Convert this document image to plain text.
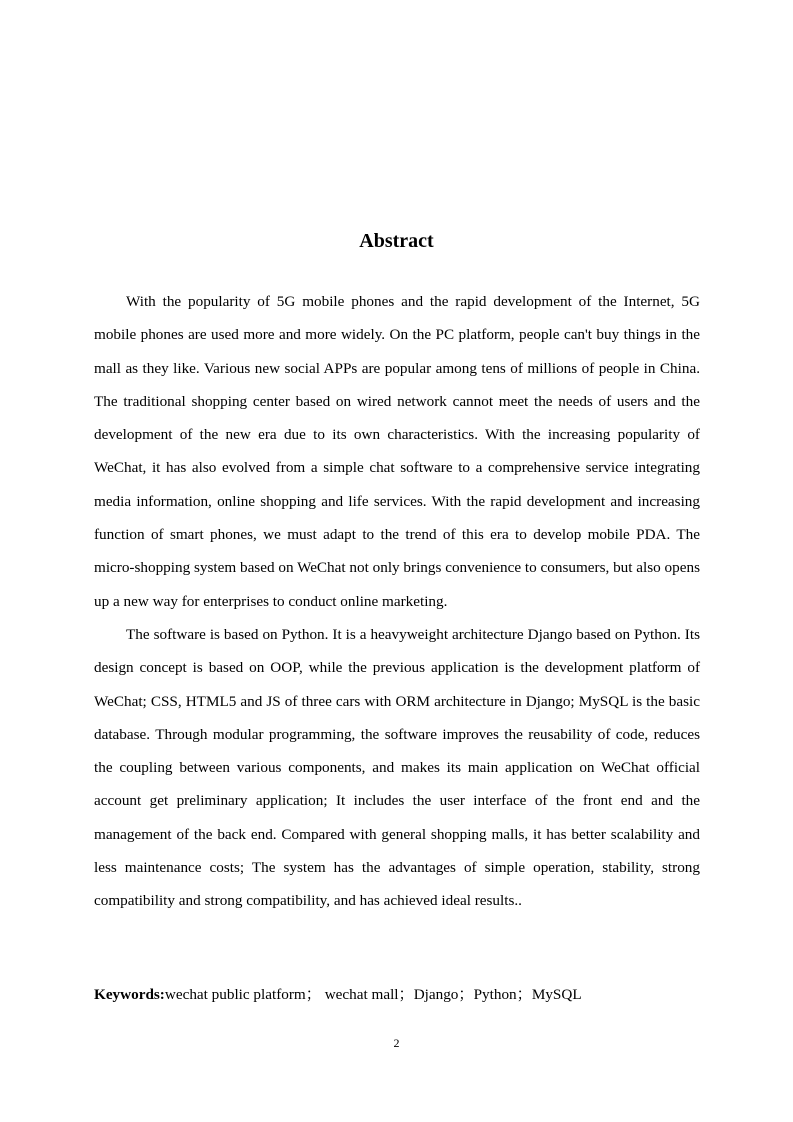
Abstract

With the popularity of 5G mobile phones and the rapid development of the Internet, 5G mobile phones are used more and more widely. On the PC platform, people can't buy things in the mall as they like. Various new social APPs are popular among tens of millions of people in China. The traditional shopping center based on wired network cannot meet the needs of users and the development of the new era due to its own characteristics. With the increasing popularity of WeChat, it has also evolved from a simple chat software to a comprehensive service integrating media information, online shopping and life services. With the rapid development and increasing function of smart phones, we must adapt to the trend of this era to develop mobile PDA. The micro-shopping system based on WeChat not only brings convenience to consumers, but also opens up a new way for enterprises to conduct online marketing.

The software is based on Python. It is a heavyweight architecture Django based on Python. Its design concept is based on OOP, while the previous application is the development platform of WeChat; CSS, HTML5 and JS of three cars with ORM architecture in Django; MySQL is the basic database. Through modular programming, the software improves the reusability of code, reduces the coupling between various components, and makes its main application on WeChat official account get preliminary application; It includes the user interface of the front end and the management of the back end. Compared with general shopping malls, it has better scalability and less maintenance costs; The system has the advantages of simple operation, stability, strong compatibility and strong compatibility, and has achieved ideal results..

Keywords:wechat public platform； wechat mall；Django；Python；MySQL
2
